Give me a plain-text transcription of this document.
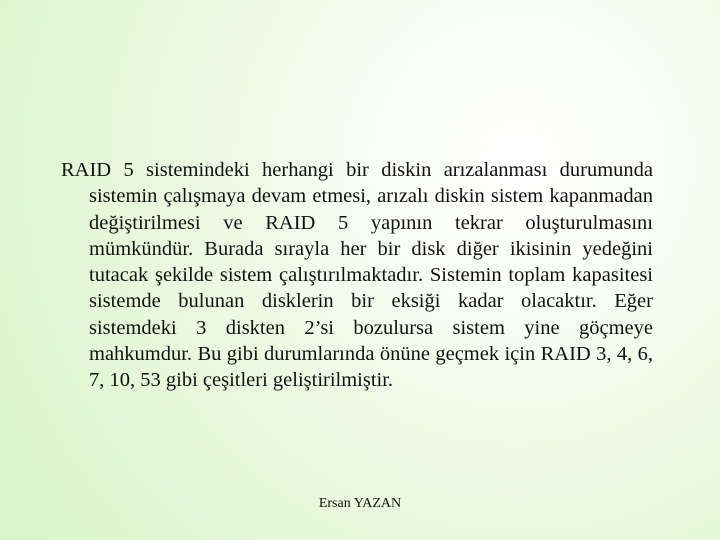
RAID 5 sistemindeki herhangi bir diskin arızalanması durumunda sistemin çalışmaya devam etmesi, arızalı diskin sistem kapanmadan değiştirilmesi ve RAID 5 yapının tekrar oluşturulmasını mümkündür. Burada sırayla her bir disk diğer ikisinin yedeğini tutacak şekilde sistem çalıştırılmaktadır. Sistemin toplam kapasitesi sistemde bulunan disklerin bir eksiği kadar olacaktır. Eğer sistemdeki 3 diskten 2’si bozulursa sistem yine göçmeye mahkumdur. Bu gibi durumlarında önüne geçmek için RAID 3, 4, 6, 7, 10, 53 gibi çeşitleri geliştirilmiştir.

Ersan YAZAN
